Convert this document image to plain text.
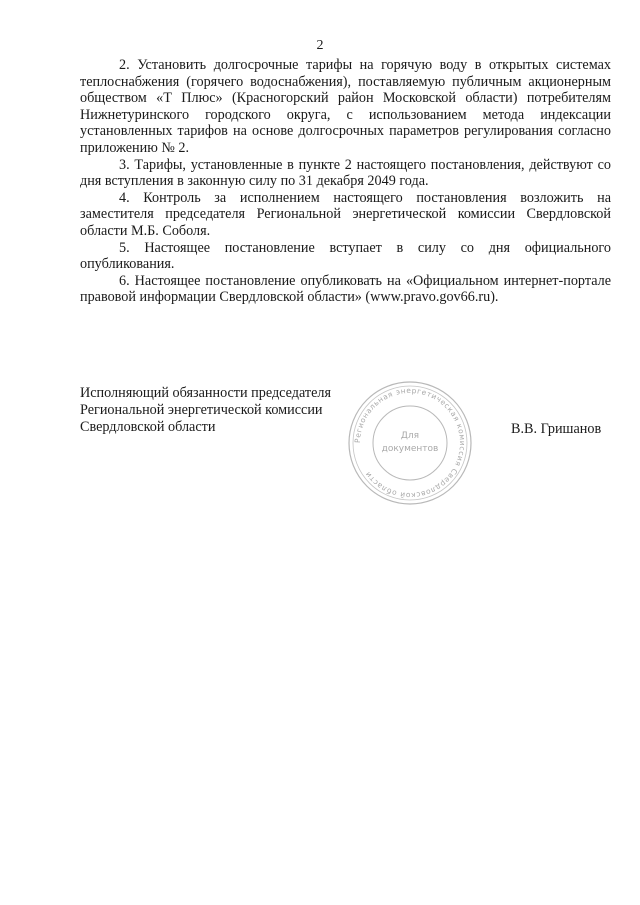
2

2. Установить долгосрочные тарифы на горячую воду в открытых системах теплоснабжения (горячего водоснабжения), поставляемую публичным акционерным обществом «Т Плюс» (Красногорский район Московской области) потребителям Нижнетуринского городского округа, с использованием метода индексации установленных тарифов на основе долгосрочных параметров регулирования согласно приложению № 2.

3. Тарифы, установленные в пункте 2 настоящего постановления, действуют со дня вступления в законную силу по 31 декабря 2049 года.

4. Контроль за исполнением настоящего постановления возложить на заместителя председателя Региональной энергетической комиссии Свердловской области М.Б. Соболя.

5. Настоящее постановление вступает в силу со дня официального опубликования.

6. Настоящее постановление опубликовать на «Официальном интернет-портале правовой информации Свердловской области» (www.pravo.gov66.ru).

Исполняющий обязанности председателя
Региональной энергетической комиссии
Свердловской области
Региональная энергетическая комиссия Свердловской области
Для
документов
В.В. Гришанов
